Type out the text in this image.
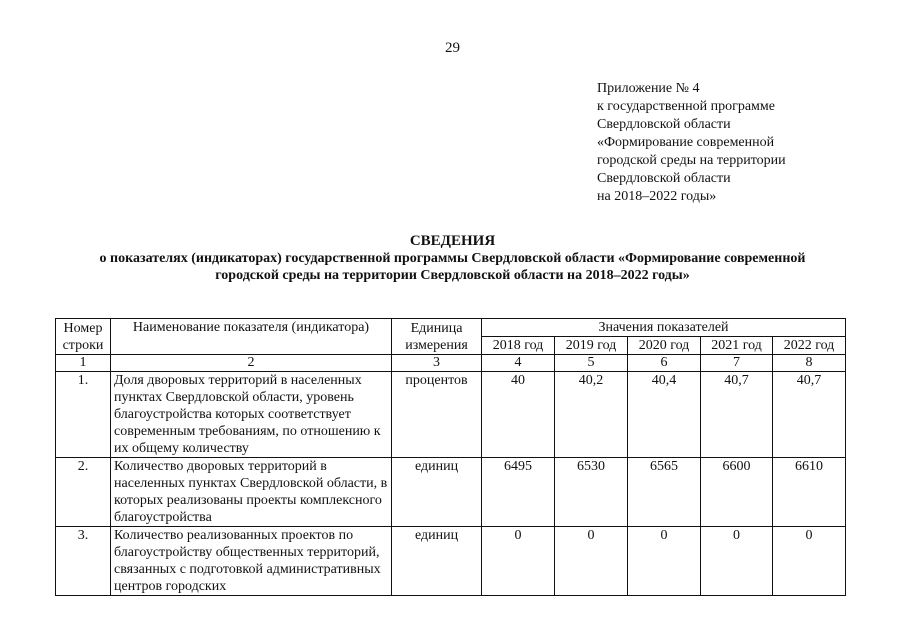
29
Приложение № 4
к государственной программе
Свердловской области
«Формирование современной
городской среды на территории
Свердловской области
на 2018–2022 годы»
СВЕДЕНИЯ
о показателях (индикаторах) государственной программы Свердловской области «Формирование современной
городской среды на территории Свердловской области на 2018–2022 годы»
Номер строки	Наименование показателя (индикатора)	Единица измерения	Значения показателей				
			2018 год	2019 год	2020 год	2021 год	2022 год
1	2	3	4	5	6	7	8
1.	Доля дворовых территорий в населенных пунктах Свердловской области, уровень благоустройства которых соответствует современным требованиям, по отношению к их общему количеству	процентов	40	40,2	40,4	40,7	40,7
2.	Количество дворовых территорий в населенных пунктах Свердловской области, в которых реализованы проекты комплексного благоустройства	единиц	6495	6530	6565	6600	6610
3.	Количество реализованных проектов по благоустройству общественных территорий, связанных с подготовкой административных центров городских	единиц	0	0	0	0	0
